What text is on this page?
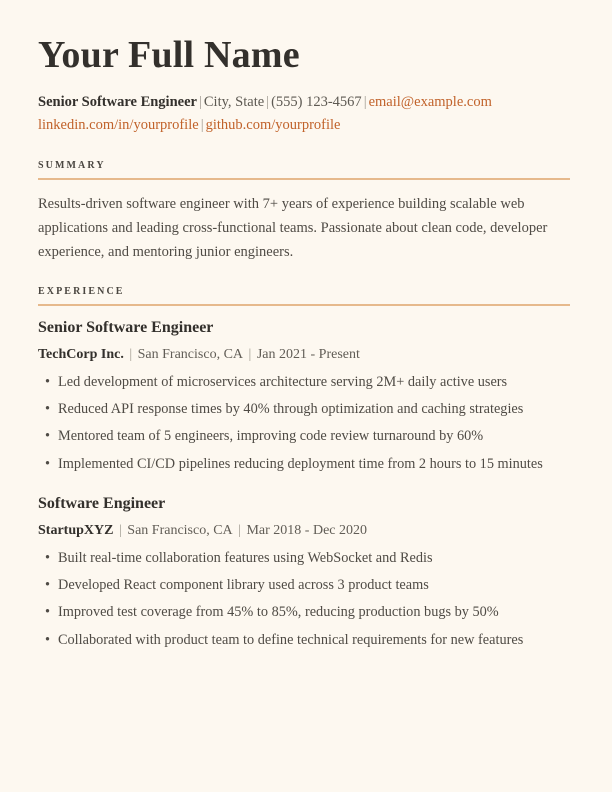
Your Full Name

Senior Software Engineer | City, State | (555) 123-4567 | email@example.com

linkedin.com/in/yourprofile | github.com/yourprofile

SUMMARY

Results-driven software engineer with 7+ years of experience building scalable web applications and leading cross-functional teams. Passionate about clean code, developer experience, and mentoring junior engineers.

EXPERIENCE
Senior Software Engineer
TechCorp Inc. | San Francisco, CA | Jan 2021 - Present
• Led development of microservices architecture serving 2M+ daily active users
• Reduced API response times by 40% through optimization and caching strategies
• Mentored team of 5 engineers, improving code review turnaround by 60%
• Implemented CI/CD pipelines reducing deployment time from 2 hours to 15 minutes
Software Engineer
StartupXYZ | San Francisco, CA | Mar 2018 - Dec 2020
• Built real-time collaboration features using WebSocket and Redis
• Developed React component library used across 3 product teams
• Improved test coverage from 45% to 85%, reducing production bugs by 50%
• Collaborated with product team to define technical requirements for new features
